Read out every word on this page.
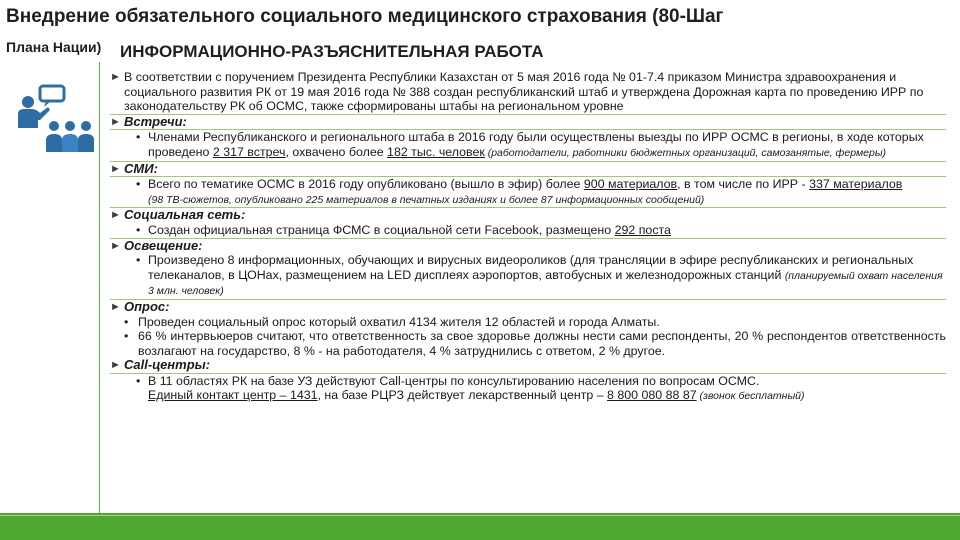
Внедрение обязательного социального медицинского страхования (80-Шаг
Плана Нации) ИНФОРМАЦИОННО-РАЗЪЯСНИТЕЛЬНАЯ РАБОТА
► В соответствии с поручением Президента Республики Казахстан от 5 мая 2016 года № 01-7.4 приказом Министра здравоохранения и социального развития РК от 19 мая 2016 года № 388 создан республиканский штаб и утверждена Дорожная карта по проведению ИРР по законодательству РК об ОСМС, также сформированы штабы на региональном уровне
► Встречи:
• Членами Республиканского и регионального штаба в 2016 году были осуществлены выезды по ИРР ОСМС в регионы, в ходе которых проведено 2 317 встреч, охвачено более 182 тыс. человек (работодатели, работники бюджетных организаций, самозанятые, фермеры)
► СМИ:
• Всего по тематике ОСМС в 2016 году опубликовано (вышло в эфир) более 900 материалов, в том числе по ИРР - 337 материалов
(98 ТВ-сюжетов, опубликовано 225 материалов в печатных изданиях и более 87 информационных сообщений)
► Социальная сеть:
• Создан официальная страница ФСМС в социальной сети Facebook, размещено 292 поста
► Освещение:
• Произведено 8 информационных, обучающих и вирусных видеороликов (для трансляции в эфире республиканских и региональных телеканалов, в ЦОНах, размещением на LED дисплеях аэропортов, автобусных и железнодорожных станций (планируемый охват населения 3 млн. человек)
► Опрос:
• Проведен социальный опрос который охватил 4134 жителя 12 областей и города Алматы.
• 66 % интервьюеров считают, что ответственность за свое здоровье должны нести сами респонденты, 20 % респондентов ответственность возлагают на государство, 8 % - на работодателя, 4 % затруднились с ответом, 2 % другое.
► Call-центры:
• В 11 областях РК на базе УЗ действуют Call-центры по консультированию населения по вопросам ОСМС.
Единый контакт центр – 1431, на базе РЦРЗ действует лекарственный центр – 8 800 080 88 87 (звонок бесплатный)
